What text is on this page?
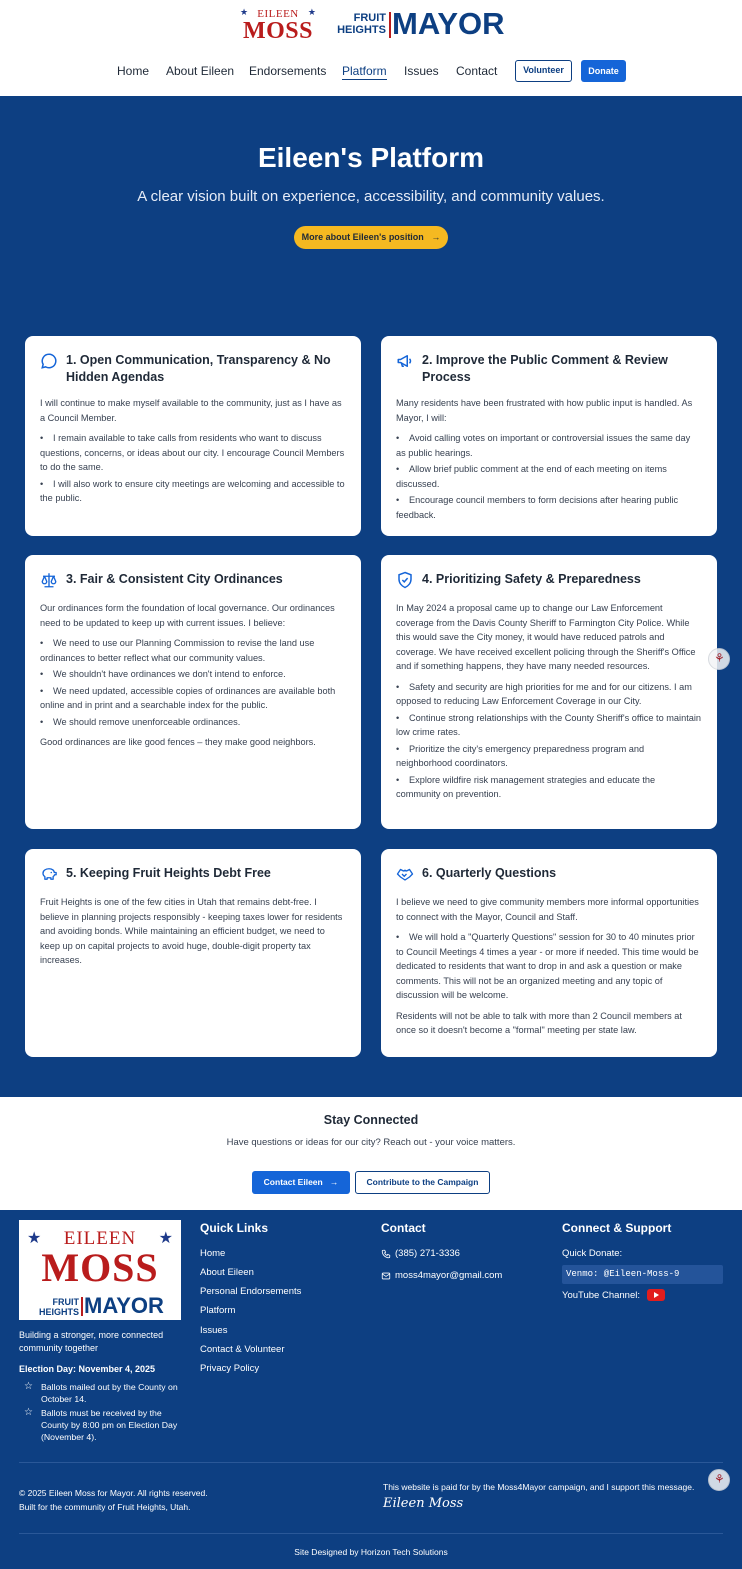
★ EILEEN	★
MOSS	FRUIT
HEIGHTS MAYOR
Home About Eileen Endorsements Platform Issues Contact	Volunteer	Donate
Eileen's Platform
A clear vision built on experience, accessibility, and community values.
More about Eileen's position →
1. Open Communication, Transparency & No Hidden Agendas

I will continue to make myself available to the community, just as I have as a Council Member.

• I remain available to take calls from residents who want to discuss questions, concerns, or ideas about our city. I encourage Council Members to do the same.
• I will also work to ensure city meetings are welcoming and accessible to the public.
2. Improve the Public Comment & Review Process

Many residents have been frustrated with how public input is handled. As Mayor, I will:

• Avoid calling votes on important or controversial issues the same day as public hearings.
• Allow brief public comment at the end of each meeting on items discussed.
• Encourage council members to form decisions after hearing public feedback.
3. Fair & Consistent City Ordinances

Our ordinances form the foundation of local governance. Our ordinances need to be updated to keep up with current issues. I believe:

• We need to use our Planning Commission to revise the land use ordinances to better reflect what our community values.
• We shouldn't have ordinances we don't intend to enforce.
• We need updated, accessible copies of ordinances are available both online and in print and a searchable index for the public.
• We should remove unenforceable ordinances.

Good ordinances are like good fences – they make good neighbors.

4. Prioritizing Safety & Preparedness

In May 2024 a proposal came up to change our Law Enforcement coverage from the Davis County Sheriff to Farmington City Police. While this would save the City money, it would have reduced patrols and coverage. We have received excellent policing through the Sheriff's Office and if something happens, they have many needed resources.

• Safety and security are high priorities for me and for our citizens. I am opposed to reducing Law Enforcement Coverage in our City.
• Continue strong relationships with the County Sheriff's office to maintain low crime rates.
• Prioritize the city's emergency preparedness program and neighborhood coordinators.
• Explore wildfire risk management strategies and educate the community on prevention.
5. Keeping Fruit Heights Debt Free

Fruit Heights is one of the few cities in Utah that remains debt-free. I believe in planning projects responsibly - keeping taxes lower for residents and avoiding bonds. While maintaining an efficient budget, we need to keep up on capital projects to avoid huge, double-digit property tax increases.

6. Quarterly Questions

I believe we need to give community members more informal opportunities to connect with the Mayor, Council and Staff.

• We will hold a "Quarterly Questions" session for 30 to 40 minutes prior to Council Meetings 4 times a year - or more if needed. This time would be dedicated to residents that want to drop in and ask a question or make comments. This will not be an organized meeting and any topic of discussion will be welcome.

Residents will not be able to talk with more than 2 Council members at once so it doesn't become a "formal" meeting per state law.

⚘
Stay Connected
Have questions or ideas for our city? Reach out - your voice matters.
Contact Eileen →	Contribute to the Campaign
★	EILEEN	★
MOSS
FRUIT
HEIGHTS MAYOR
Building a stronger, more connected community together
Election Day: November 4, 2025
☆ Ballots mailed out by the County on October 14.
☆ Ballots must be received by the County by 8:00 pm on Election Day (November 4).
Quick Links
Home
About Eileen
Personal Endorsements
Platform
Issues
Contact & Volunteer
Privacy Policy
Contact
(385) 271-3336
moss4mayor@gmail.com
Connect & Support
Quick Donate:
Venmo: @Eileen-Moss-9
YouTube Channel:
© 2025 Eileen Moss for Mayor. All rights reserved.
Built for the community of Fruit Heights, Utah.
This website is paid for by the Moss4Mayor campaign, and I support this message.
Eileen Moss
⚘
Site Designed by Horizon Tech Solutions
